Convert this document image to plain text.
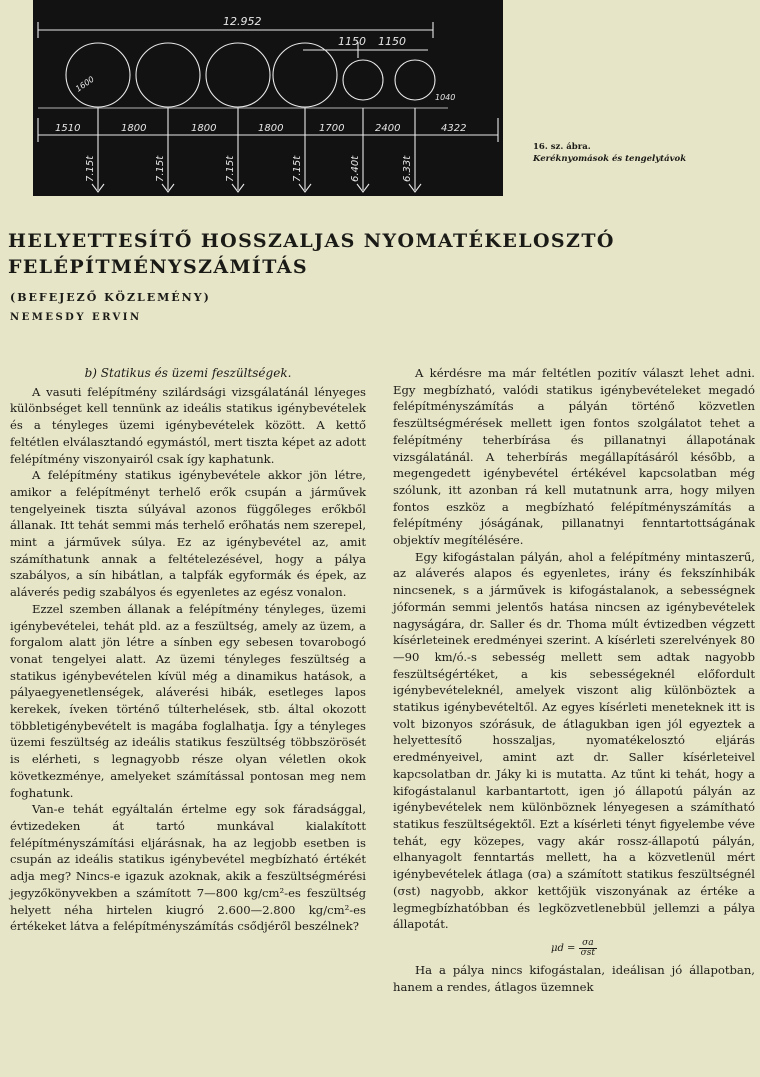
12.952
1150 1150
1600
1040
1510	1800	1800	1800	1700	2400	4322
7.15t	7.15t	7.15t	7.15t	6.40t	6.33t
16. sz. ábra.
Keréknyomások és tengelytávok
HELYETTESÍTŐ HOSSZALJAS NYOMATÉKELOSZTÓ FELÉPÍTMÉNYSZÁMÍTÁS
(BEFEJEZŐ KÖZLEMÉNY)
NEMESDY ERVIN
b) Statikus és üzemi feszültségek.

A vasuti felépítmény szilárdsági vizsgálatánál lényeges különbséget kell tennünk az ideális statikus igénybevételek és a tényleges üzemi igénybevételek között. A kettő feltétlen elválasztandó egymástól, mert tiszta képet az adott felépítmény viszonyairól csak így kaphatunk.

A felépítmény statikus igénybevétele akkor jön létre, amikor a felépítményt terhelő erők csupán a járművek tengelyeinek tiszta súlyával azonos függőleges erőkből állanak. Itt tehát semmi más terhelő erőhatás nem szerepel, mint a járművek súlya. Ez az igénybevétel az, amit számíthatunk annak a feltételezésével, hogy a pálya szabályos, a sín hibátlan, a talpfák egyformák és épek, az aláverés pedig szabályos és egyenletes az egész vonalon.

Ezzel szemben állanak a felépítmény tényleges, üzemi igénybevételei, tehát pld. az a feszültség, amely az üzem, a forgalom alatt jön létre a sínben egy sebesen tovarobogó vonat tengelyei alatt. Az üzemi tényleges feszültség a statikus igénybevételen kívül még a dinamikus hatások, a pályaegyenetlenségek, aláverési hibák, esetleges lapos kerekek, íveken történő túlterhelések, stb. által okozott többletigénybevételt is magába foglalhatja. Így a tényleges üzemi feszültség az ideális statikus feszültség többszörösét is elérheti, s legnagyobb része olyan véletlen okok következménye, amelyeket számítással pontosan meg nem foghatunk.

Van-e tehát egyáltalán értelme egy sok fáradsággal, évtizedeken át tartó munkával kialakított felépítményszámítási eljárásnak, ha az legjobb esetben is csupán az ideális statikus igénybevétel megbízható értékét adja meg? Nincs-e igazuk azoknak, akik a feszültségmérési jegyzőkönyvekben a számított 7—800 kg/cm²-es feszültség helyett néha hirtelen kiugró 2.600—2.800 kg/cm²-es értékeket látva a felépítményszámítás csődjéről beszélnek?

A kérdésre ma már feltétlen pozitív választ lehet adni. Egy megbízható, valódi statikus igénybevételeket megadó felépítményszámítás a pályán történő közvetlen feszültségmérések mellett igen fontos szolgálatot tehet a felépítmény teherbírása és pillanatnyi állapotának vizsgálatánál. A teherbírás megállapításáról később, a megengedett igénybevétel értékével kapcsolatban még szólunk, itt azonban rá kell mutatnunk arra, hogy milyen fontos eszköz a megbízható felépítményszámítás a felépítmény jóságának, pillanatnyi fenntartottságának objektív megítélésére.

Egy kifogástalan pályán, ahol a felépítmény mintaszerű, az aláverés alapos és egyenletes, irány és fekszínhibák nincsenek, s a járművek is kifogástalanok, a sebességnek jóformán semmi jelentős hatása nincsen az igénybevételek nagyságára, dr. Saller és dr. Thoma múlt évtizedben végzett kísérleteinek eredményei szerint. A kísérleti szerelvények 80—90 km/ó.-s sebesség mellett sem adtak nagyobb feszültségértéket, a kis sebességeknél előfordult igénybevételeknél, amelyek viszont alig különböztek a statikus igénybevételtől. Az egyes kísérleti meneteknek itt is volt bizonyos szórásuk, de átlagukban igen jól egyeztek a helyettesítő hosszaljas, nyomatékelosztó eljárás eredményeivel, amint azt dr. Saller kísérleteivel kapcsolatban dr. Jáky ki is mutatta. Az tűnt ki tehát, hogy a kifogástalanul karbantartott, igen jó állapotú pályán az igénybevételek nem különböznek lényegesen a számítható statikus feszültségektől. Ezt a kísérleti tényt figyelembe véve tehát, egy közepes, vagy akár rossz-állapotú pályán, elhanyagolt fenntartás mellett, ha a közvetlenül mért igénybevételek átlaga (σa) a számított statikus feszültségnél (σst) nagyobb, akkor kettőjük viszonyának az értéke a legmegbízhatóbban és legközvetlenebbül jellemzi a pálya állapotát.

$\mu d = \frac{\sigma a}{\text{σst}}$

Ha a pálya nincs kifogástalan, ideálisan jó állapotban, hanem a rendes, átlagos üzemnek
